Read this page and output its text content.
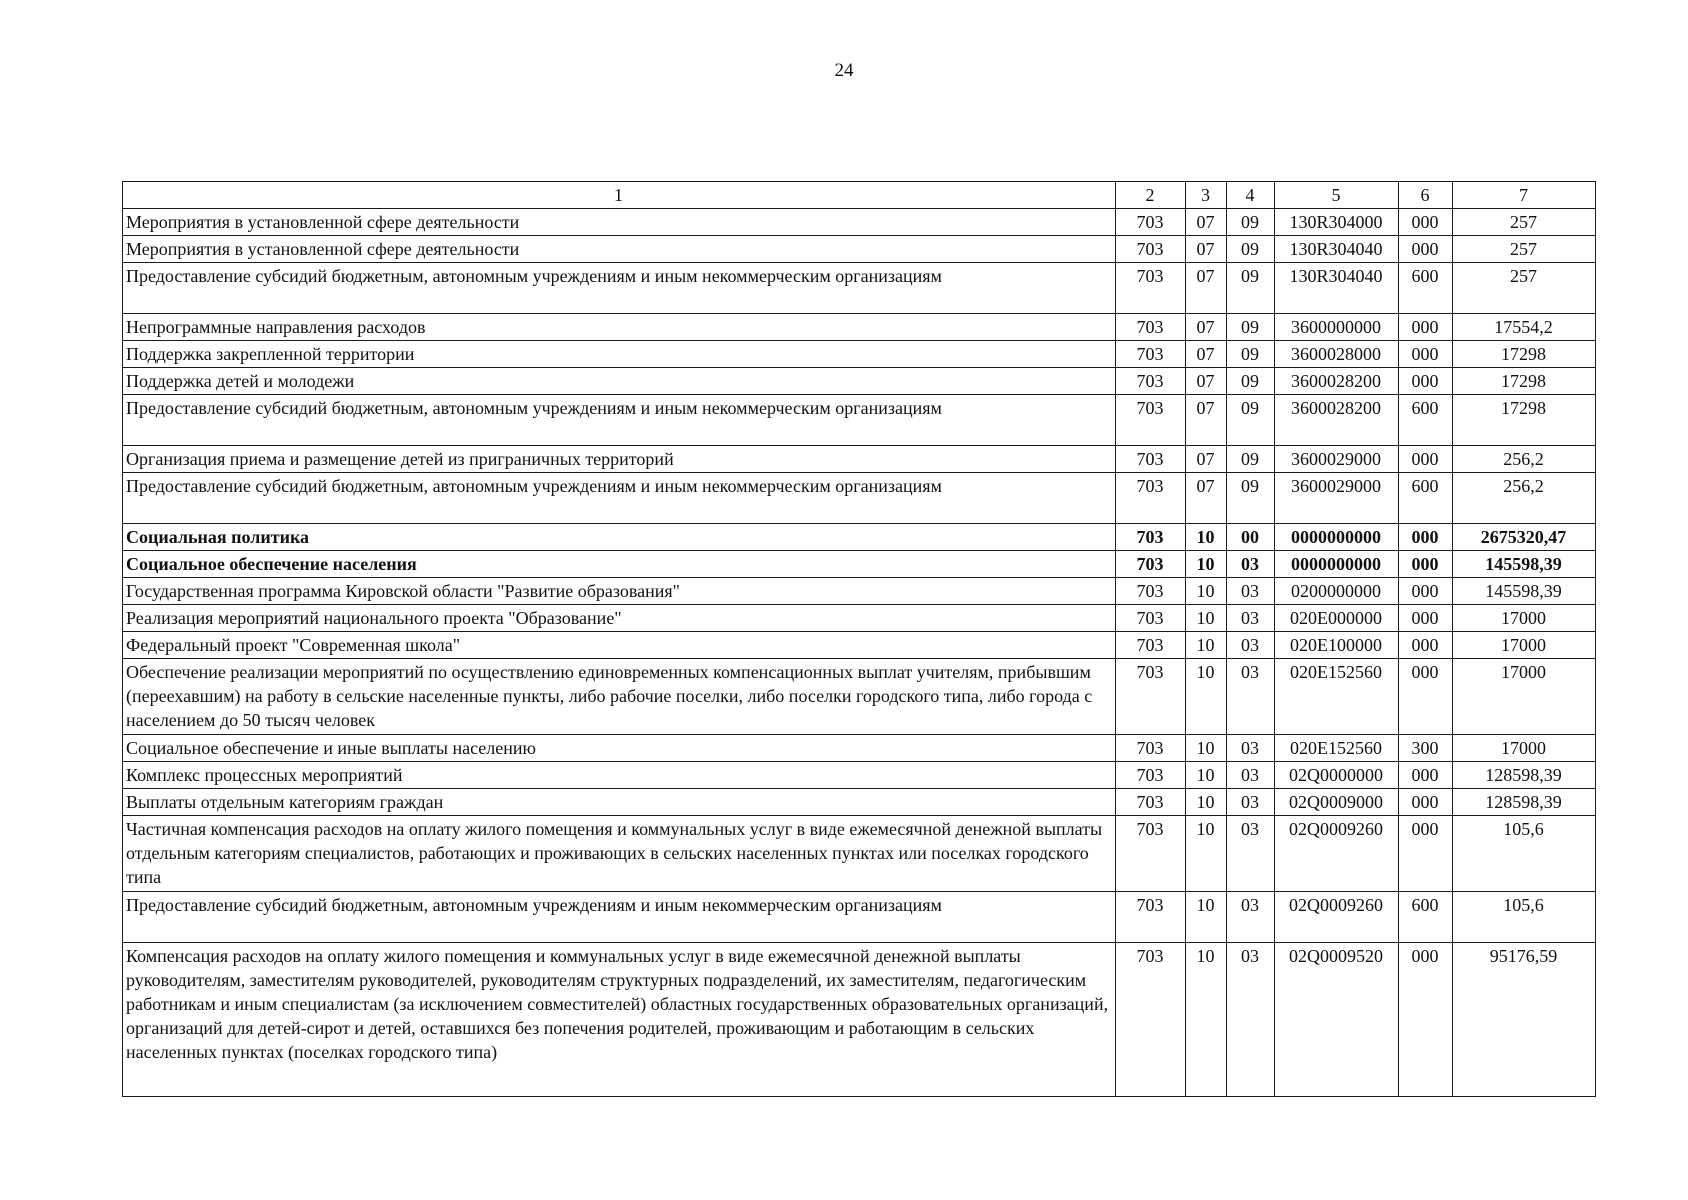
24
1	2	3	4	5	6	7
Мероприятия в установленной сфере деятельности	703	07	09	130R304000	000	257
Мероприятия в установленной сфере деятельности	703	07	09	130R304040	000	257
Предоставление субсидий бюджетным, автономным учреждениям и иным некоммерческим организациям	703	07	09	130R304040	600	257
Непрограммные направления расходов	703	07	09	3600000000	000	17554,2
Поддержка закрепленной территории	703	07	09	3600028000	000	17298
Поддержка детей и молодежи	703	07	09	3600028200	000	17298
Предоставление субсидий бюджетным, автономным учреждениям и иным некоммерческим организациям	703	07	09	3600028200	600	17298
Организация приема и размещение детей из приграничных территорий	703	07	09	3600029000	000	256,2
Предоставление субсидий бюджетным, автономным учреждениям и иным некоммерческим организациям	703	07	09	3600029000	600	256,2
Социальная политика	703	10	00	0000000000	000	2675320,47
Социальное обеспечение населения	703	10	03	0000000000	000	145598,39
Государственная программа Кировской области "Развитие образования"	703	10	03	0200000000	000	145598,39
Реализация мероприятий национального проекта "Образование"	703	10	03	020E000000	000	17000
Федеральный проект "Современная школа"	703	10	03	020E100000	000	17000
Обеспечение реализации мероприятий по осуществлению единовременных компенсационных выплат учителям, прибывшим (переехавшим) на работу в сельские населенные пункты, либо рабочие поселки, либо поселки городского типа, либо города с населением до 50 тысяч человек	703	10	03	020E152560	000	17000
Социальное обеспечение и иные выплаты населению	703	10	03	020E152560	300	17000
Комплекс процессных мероприятий	703	10	03	02Q0000000	000	128598,39
Выплаты отдельным категориям граждан	703	10	03	02Q0009000	000	128598,39
Частичная компенсация расходов на оплату жилого помещения и коммунальных услуг в виде ежемесячной денежной выплаты отдельным категориям специалистов, работающих и проживающих в сельских населенных пунктах или поселках городского типа	703	10	03	02Q0009260	000	105,6
Предоставление субсидий бюджетным, автономным учреждениям и иным некоммерческим организациям	703	10	03	02Q0009260	600	105,6
Компенсация расходов на оплату жилого помещения и коммунальных услуг в виде ежемесячной денежной выплаты руководителям, заместителям руководителей, руководителям структурных подразделений, их заместителям, педагогическим работникам и иным специалистам (за исключением совместителей) областных государственных образовательных организаций, организаций для детей-сирот и детей, оставшихся без попечения родителей, проживающим и работающим в сельских населенных пунктах (поселках городского типа)	703	10	03	02Q0009520	000	95176,59
